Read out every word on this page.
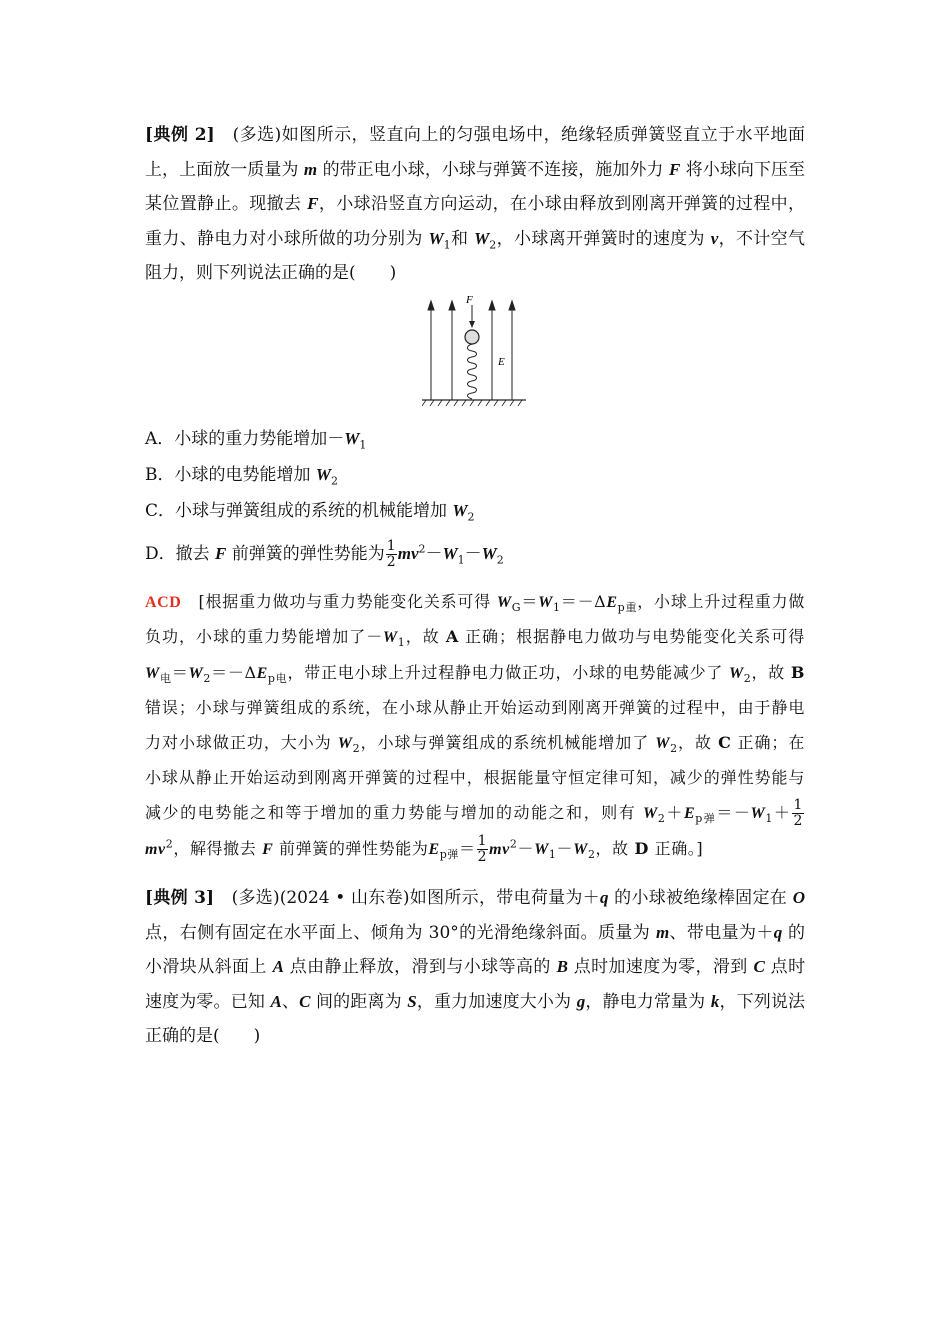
[典例 2]　 (多选)如图所示，竖直向上的匀强电场中，绝缘轻质弹簧竖直立于水平地面上，上面放一质量为 m 的带正电小球，小球与弹簧不连接，施加外力 F 将小球向下压至某位置静止。现撤去 F，小球沿竖直方向运动，在小球由释放到刚离开弹簧的过程中，重力、静电力对小球所做的功分别为 $W_1$和 $W_2$，小球离开弹簧时的速度为 v，不计空气阻力，则下列说法正确的是(　　)

F
E

A．小球的重力势能增加$-W_1$

B．小球的电势能增加 $W_2$

C．小球与弹簧组成的系统的机械能增加 $W_2$

D．撤去 F 前弹簧的弹性势能为 $\frac{1}{2} mv^2-W_1-W_2$

ACD　 [根据重力做功与重力势能变化关系可得 $W_G=W_1=-\Delta E_{p重}$，小球上升过程重力做负功，小球的重力势能增加了$-W_1$，故 A 正确；根据静电力做功与电势能变化关系可得 $W_电=W_2=-\Delta E_{p电}$，带正电小球上升过程静电力做正功，小球的电势能减少了 $W_2$，故 B 错误；小球与弹簧组成的系统，在小球从静止开始运动到刚离开弹簧的过程中，由于静电力对小球做正功，大小为 $W_2$，小球与弹簧组成的系统机械能增加了 $W_2$，故 C 正确；在小球从静止开始运动到刚离开弹簧的过程中，根据能量守恒定律可知，减少的弹性势能与减少的电势能之和等于增加的重力势能与增加的动能之和，则有 $W_2+E_{p弹}=-W_1+ \frac{1}{2}$
$mv^2$，解得撤去 F 前弹簧的弹性势能为$E_{p弹}= \frac{1}{2} mv^2-W_1-W_2$，故 D 正确。]

[典例 3]　 (多选)(2024 • 山东卷)如图所示，带电荷量为＋q 的小球被绝缘棒固定在 O 点，右侧有固定在水平面上、倾角为 30°的光滑绝缘斜面。质量为 m、带电量为＋q 的小滑块从斜面上 A 点由静止释放，滑到与小球等高的 B 点时加速度为零，滑到 C 点时速度为零。已知 A、C 间的距离为 S，重力加速度大小为 g，静电力常量为 k，下列说法正确的是(　　)
